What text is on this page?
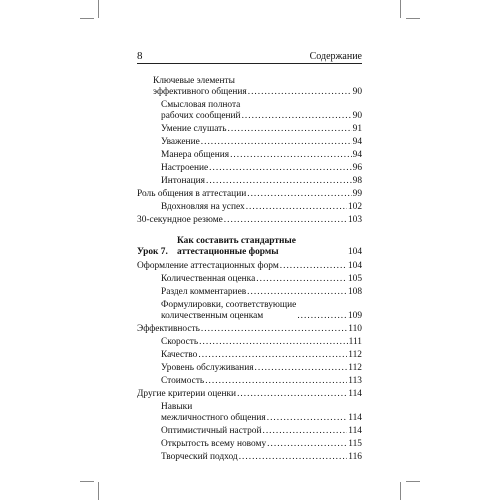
8	Содержание
Ключевые элементы
эффективного общения .....	90
Смысловая полнота
рабочих сообщений .....	90
Умение слушать .....	91
Уважение .....	94
Манера общения .....	94
Настроение .....	96
Интонация .....	98
Роль общения в аттестации .....	99
Вдохновляя на успех .....	102
30-секундное резюме .....	103
Урок 7.
Как составить стандартные аттестационные формы	104
Оформление аттестационных форм .....	104
Количественная оценка .....	105
Раздел комментариев .....	108
Формулировки, соответствующие
количественным оценкам .....	109
Эффективность .....	110
Скорость .....	111
Качество .....	112
Уровень обслуживания .....	112
Стоимость .....	113
Другие критерии оценки .....	114
Навыки
межличностного общения .....	114
Оптимистичный настрой .....	114
Открытость всему новому .....	115
Творческий подход .....	116
